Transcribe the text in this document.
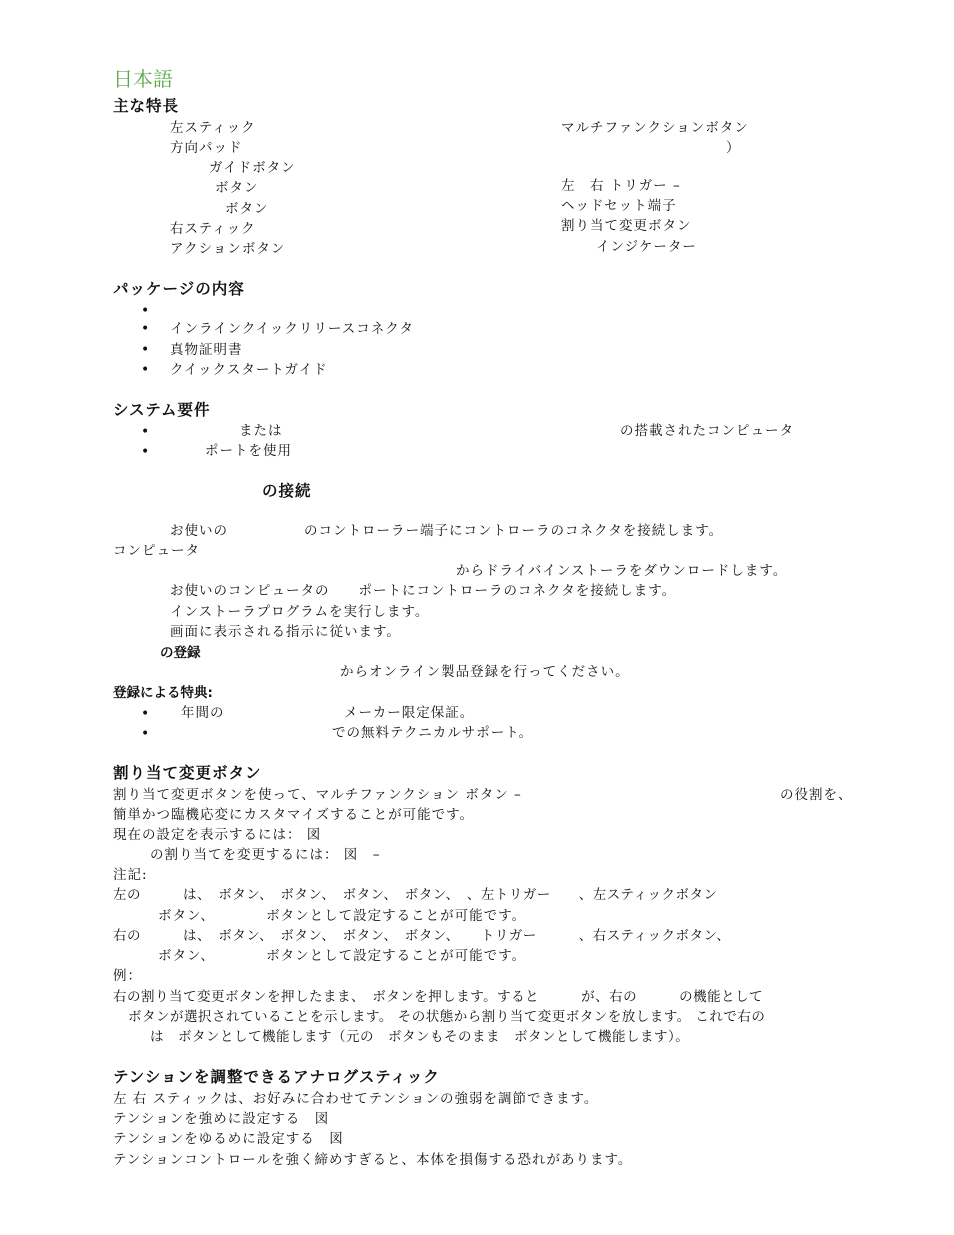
日本語
主な特長
左スティック
方向パッド
ガイドボタン
ボタン
ボタン
右スティック
アクションボタン
マルチファンクションボタン
）
左　右 トリガー –
ヘッドセット端子
割り当て変更ボタン
インジケーター
パッケージの内容
•
• インラインクイックリリースコネクタ
• 真物証明書
• クイックスタートガイド
システム要件
•	または	の搭載されたコンピュータ
•	ポートを使用
の接続
お使いの	のコントローラー端子にコントローラのコネクタを接続します。
コンピュータ
からドライバインストーラをダウンロードします。
お使いのコンピュータの　　ポートにコントローラのコネクタを接続します。
インストーラプログラムを実行します。
画面に表示される指示に従います。
の登録
からオンライン製品登録を行ってください。
登録による特典:
• 年間の	メーカー限定保証。
•	での無料テクニカルサポート。
割り当て変更ボタン
割り当て変更ボタンを使って、マルチファンクション ボタン –	の役割を、
簡単かつ臨機応変にカスタマイズすることが可能です。
現在の設定を表示するには： 図
の割り当てを変更するには： 図　–
注記:
左の　　　は、　ボタン、　ボタン、　ボタン、　ボタン、　、左トリガー　　、左スティックボタン
ボタン、　　　　ボタンとして設定することが可能です。
右の　　　は、　ボタン、　ボタン、　ボタン、　ボタン、　　トリガー　　　、右スティックボタン、
ボタン、　　　　ボタンとして設定することが可能です。
例：
右の割り当て変更ボタンを押したまま、　ボタンを押します。すると　　　が、右の　　　の機能として
ボタンが選択されていることを示します。 その状態から割り当て変更ボタンを放します。 これで右の
は　ボタンとして機能します（元の　ボタンもそのまま　ボタンとして機能します）。
テンションを調整できるアナログスティック
左 右 スティックは、お好みに合わせてテンションの強弱を調節できます。
テンションを強めに設定する　図
テンションをゆるめに設定する　図
テンションコントロールを強く締めすぎると、本体を損傷する恐れがあります。
